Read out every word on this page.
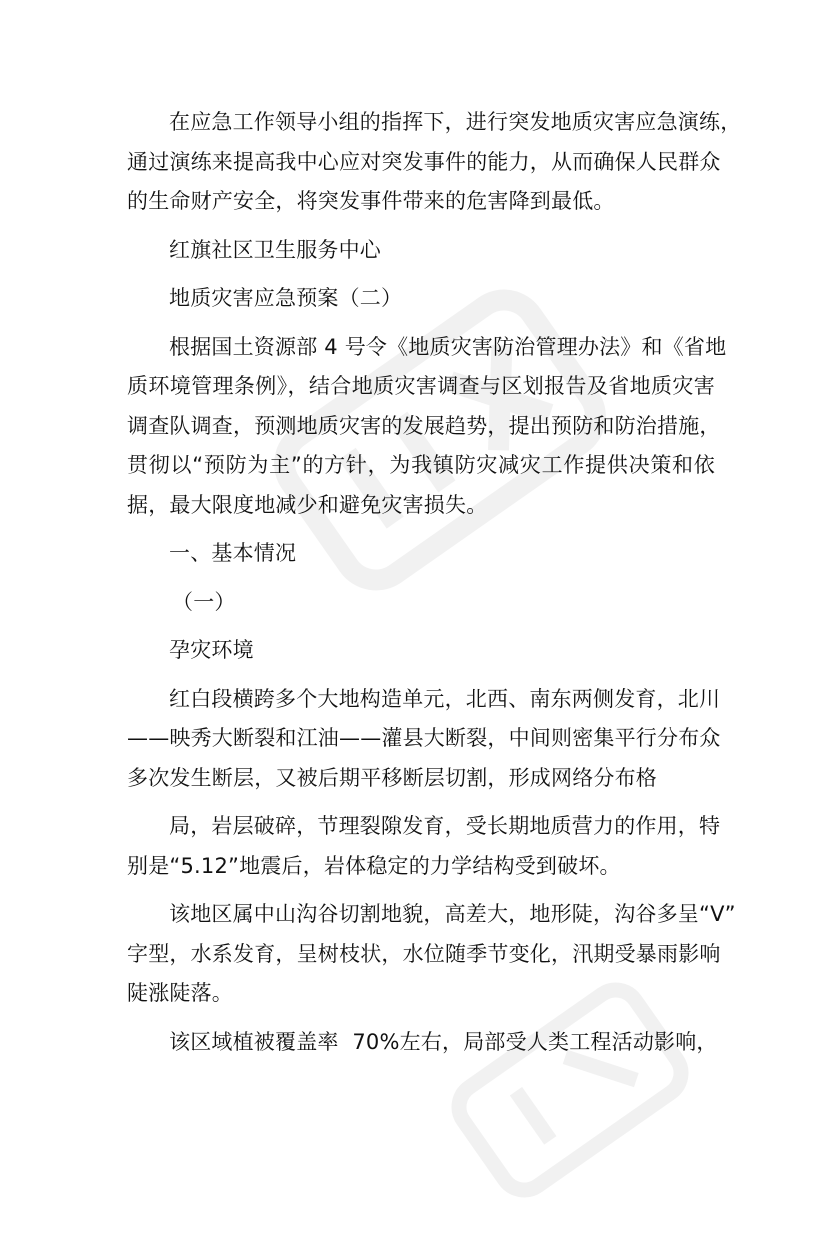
在应急工作领导小组的指挥下，进行突发地质灾害应急演练，

通过演练来提高我中心应对突发事件的能力，从而确保人民群众

的生命财产安全，将突发事件带来的危害降到最低。

红旗社区卫生服务中心

地质灾害应急预案（二）

根据国土资源部 4 号令《地质灾害防治管理办法》和《省地

质环境管理条例》，结合地质灾害调查与区划报告及省地质灾害

调查队调查，预测地质灾害的发展趋势，提出预防和防治措施，

贯彻以“预防为主”的方针，为我镇防灾减灾工作提供决策和依

据，最大限度地减少和避免灾害损失。

一、基本情况

（一）

孕灾环境

红白段横跨多个大地构造单元，北西、南东两侧发育，北川

——映秀大断裂和江油——灌县大断裂，中间则密集平行分布众

多次发生断层，又被后期平移断层切割，形成网络分布格

局，岩层破碎，节理裂隙发育，受长期地质营力的作用，特

别是“5.12”地震后，岩体稳定的力学结构受到破坏。

该地区属中山沟谷切割地貌，高差大，地形陡，沟谷多呈“V”

字型，水系发育，呈树枝状，水位随季节变化，汛期受暴雨影响

陡涨陡落。

该区域植被覆盖率  70%左右，局部受人类工程活动影响，
